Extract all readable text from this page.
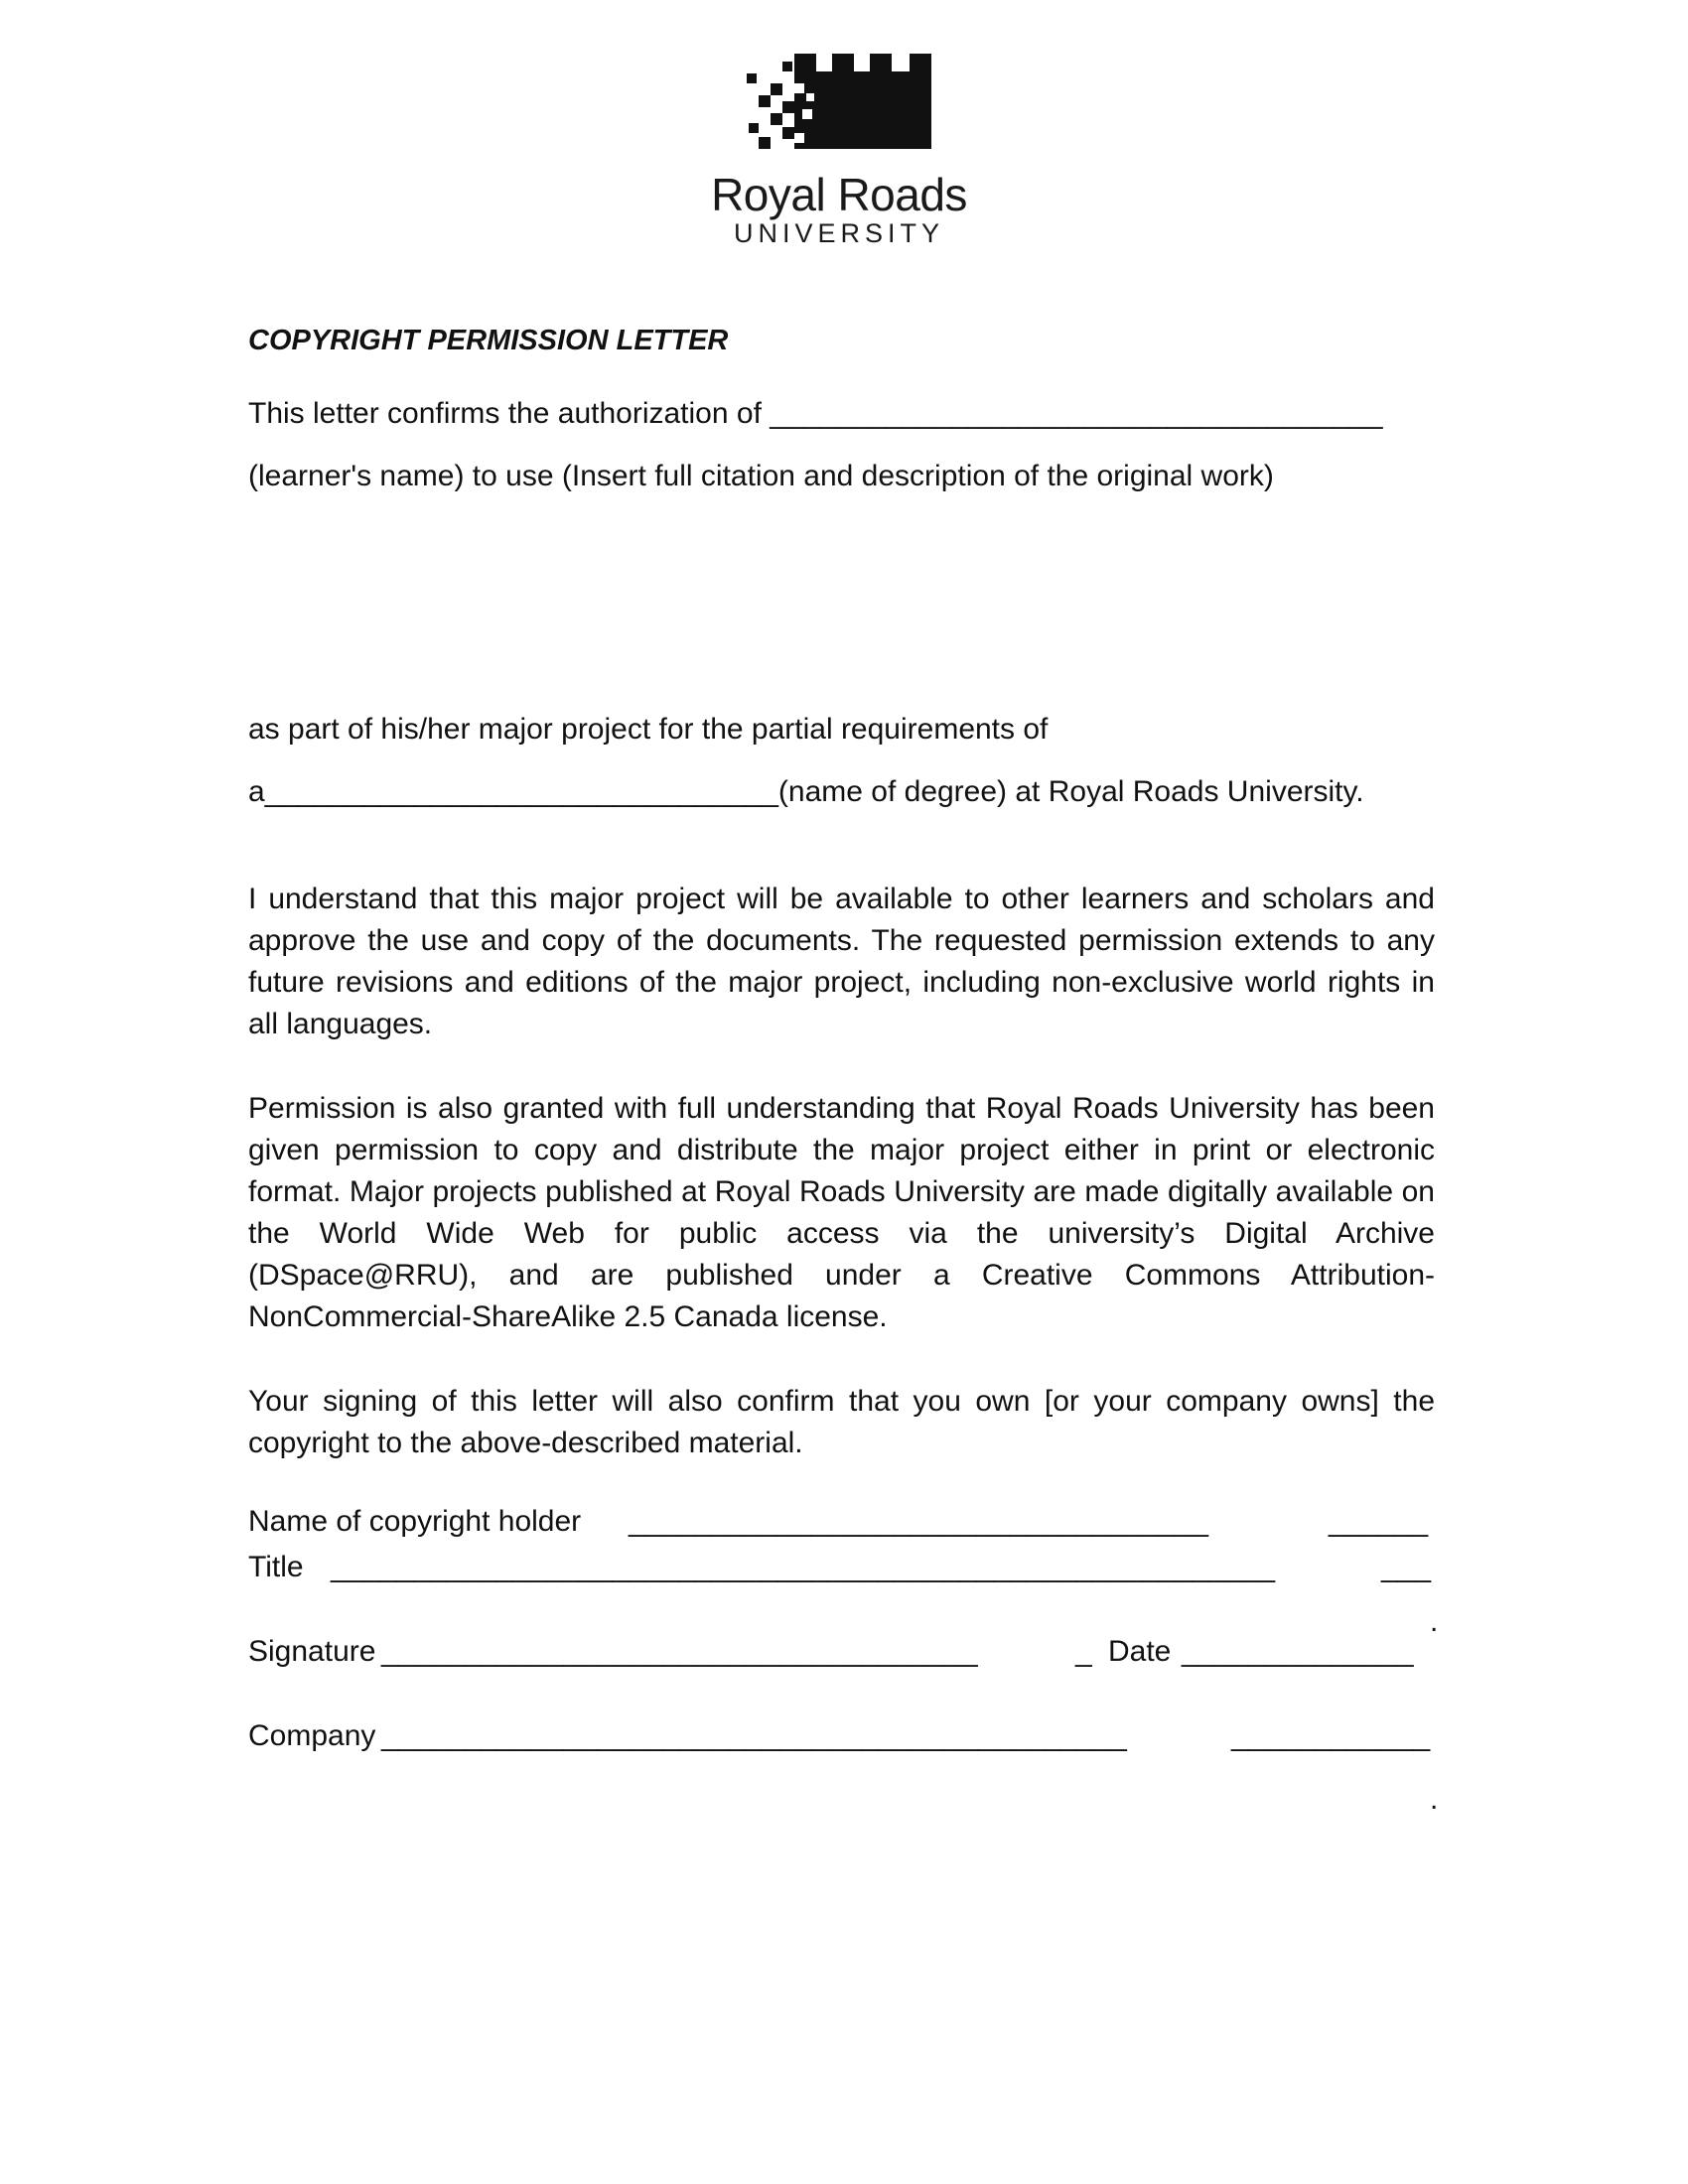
Royal Roads
UNIVERSITY
COPYRIGHT PERMISSION LETTER
This letter confirms the authorization of _____________________________________
(learner's name) to use (Insert full citation and description of the original work)
as part of his/her major project for the partial requirements of
a_______________________________(name of degree) at Royal Roads University.
I understand that this major project will be available to other learners and scholars and approve the use and copy of the documents. The requested permission extends to any future revisions and editions of the major project, including non-exclusive world rights in all languages.
Permission is also granted with full understanding that Royal Roads University has been given permission to copy and distribute the major project either in print or electronic format. Major projects published at Royal Roads University are made digitally available on the World Wide Web for public access via the university’s Digital Archive (DSpace@RRU), and are published under a Creative Commons Attribution-NonCommercial-ShareAlike 2.5 Canada license.
Your signing of this letter will also confirm that you own [or your company owns] the copyright to the above-described material.
Name of copyright holder ___________________________________	______
Title _________________________________________________________	___
.
Signature ____________________________________	_ Date ______________
Company _____________________________________________	____________
.
